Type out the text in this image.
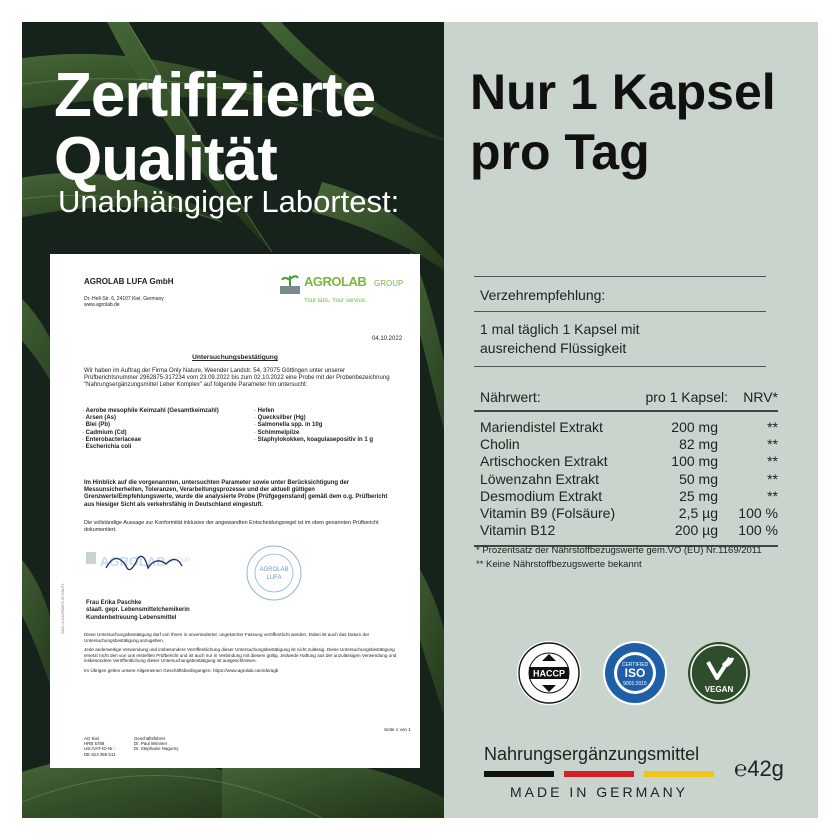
Zertifizierte
Qualität
Unabhängiger Labortest:
AGROLAB LUFA GmbH
Dr.-Hell-Str. 6, 24107 Kiel, Germany
www.agrolab.de
AGROLAB GROUP
Your labs. Your service.
04.10.2022
Untersuchungsbestätigung
Wir haben im Auftrag der Firma Only Nature, Weender Landstr. 54, 37075 Göttingen unter unserer Prüfberichtsnummer 2962875-317234 vom 23.09.2022 bis zum 02.10.2022 eine Probe mit der Probenbezeichnung "Nahrungsergänzungsmittel Leber Komplex" auf folgende Parameter hin untersucht:
· Aerobe mesophile Keimzahl (Gesamtkeimzahl)
· Arsen (As)
· Blei (Pb)
· Cadmium (Cd)
· Enterobacteriaceae
· Escherichia coli
· Hefen
· Quecksilber (Hg)
· Salmonella spp. in 10g
· Schimmelpilze
· Staphylokokken, koagulasepositiv in 1 g
Im Hinblick auf die vorgenannten, untersuchten Parameter sowie unter Berücksichtigung der Messunsicherheiten, Toleranzen, Verarbeitungsprozesse und der aktuell gültigen Grenzwerte/Empfehlungswerte, wurde die analysierte Probe (Prüfgegenstand) gemäß dem o.g. Prüfbericht aus hiesiger Sicht als verkehrsfähig in Deutschland eingestuft.
Die vollständige Aussage zur Konformität inklusive der angewandten Entscheidungsregel ist im oben genannten Prüfbericht dokumentiert.
AGROLAB GROUP
AGROLAB
LUFA
Frau Erika Paschke
staatl. gepr. Lebensmittelchemikerin
Kundenbetreuung Lebensmittel
Diese Untersuchungsbestätigung darf von Ihnen in unveränderter, ungekürzter Fassung veröffentlicht werden. Dabei ist auch das Datum der Untersuchungsbestätigung anzugeben.
Jede anderweitige Verwendung und insbesondere Veröffentlichung dieser Untersuchungsbestätigung ist nicht zulässig. Diese Untersuchungsbestätigung ersetzt nicht den von uns erstellten Prüfbericht und ist auch nur in Verbindung mit diesem gültig. Jedwede Haftung aus der unzulässigen Verwendung und insbesondere Veröffentlichung dieser Untersuchungsbestätigung ist ausgeschlossen.
Im Übrigen gelten unsere Allgemeinen Geschäftsbedingungen: https://www.agrolab.com/de/agb
Seite 1 von 1
AG Kiel
HRB 5788
Ust./VAT-ID-Nr.:
DE 813 356 511
Geschäftsführer
Dr. Paul Wimmer
Dr. Stephanie Nagorny
2022-10-04/2962875-317234-P1
Nur 1 Kapsel
pro Tag
Verzehrempfehlung:
1 mal täglich 1 Kapsel mit
ausreichend Flüssigkeit
Nährwert:	pro 1 Kapsel:	NRV*
Mariendistel Extrakt	200 mg	**
Cholin	82 mg	**
Artischocken Extrakt	100 mg	**
Löwenzahn Extrakt	50 mg	**
Desmodium Extrakt	25 mg	**
Vitamin B9 (Folsäure)	2,5 µg	100 %
Vitamin B12	200 µg	100 %
* Prozentsatz der Nährstoffbezugswerte gem.VO (EU) Nr.1169/2011
** Keine Nährstoffbezugswerte bekannt
HACCP
CERTIFIED
ISO
9001:2015
VEGAN
Nahrungsergänzungsmittel
MADE IN GERMANY
℮42g
